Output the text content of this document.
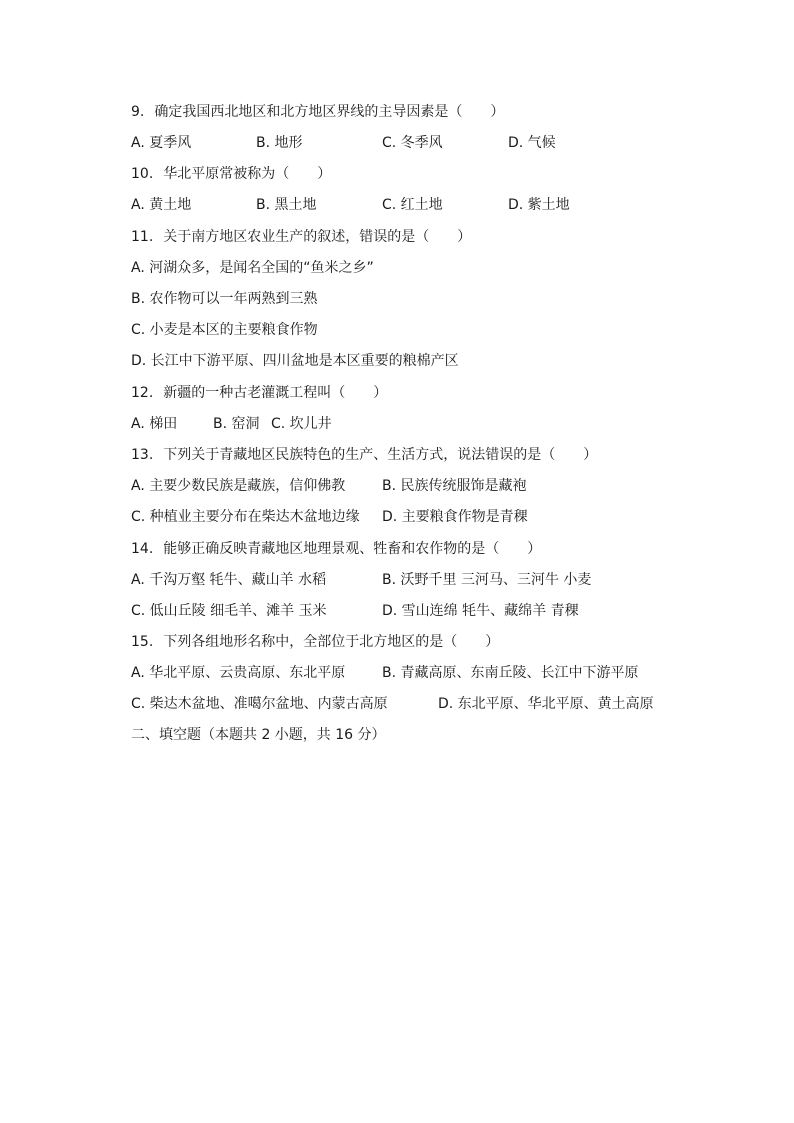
9. 确定我国西北地区和北方地区界线的主导因素是（　　）
A. 夏季风	B. 地形	C. 冬季风	D. 气候
10. 华北平原常被称为（　　）
A. 黄土地	B. 黑土地	C. 红土地	D. 紫土地
11. 关于南方地区农业生产的叙述，错误的是（　　）
A. 河湖众多，是闻名全国的“鱼米之乡”
B. 农作物可以一年两熟到三熟
C. 小麦是本区的主要粮食作物
D. 长江中下游平原、四川盆地是本区重要的粮棉产区
12. 新疆的一种古老灌溉工程叫（　　）
A. 梯田	B. 窑洞 C. 坎儿井
13. 下列关于青藏地区民族特色的生产、生活方式，说法错误的是（　　）
A. 主要少数民族是藏族，信仰佛教	B. 民族传统服饰是藏袍
C. 种植业主要分布在柴达木盆地边缘 D. 主要粮食作物是青稞
14. 能够正确反映青藏地区地理景观、牲畜和农作物的是（　　）
A. 千沟万壑 牦牛、藏山羊 水稻	B. 沃野千里 三河马、三河牛 小麦
C. 低山丘陵 细毛羊、滩羊 玉米	D. 雪山连绵 牦牛、藏绵羊 青稞
15. 下列各组地形名称中，全部位于北方地区的是（　　）
A. 华北平原、云贵高原、东北平原	B. 青藏高原、东南丘陵、长江中下游平原
C. 柴达木盆地、准噶尔盆地、内蒙古高原	D. 东北平原、华北平原、黄土高原
二、填空题（本题共 2 小题，共 16 分）
